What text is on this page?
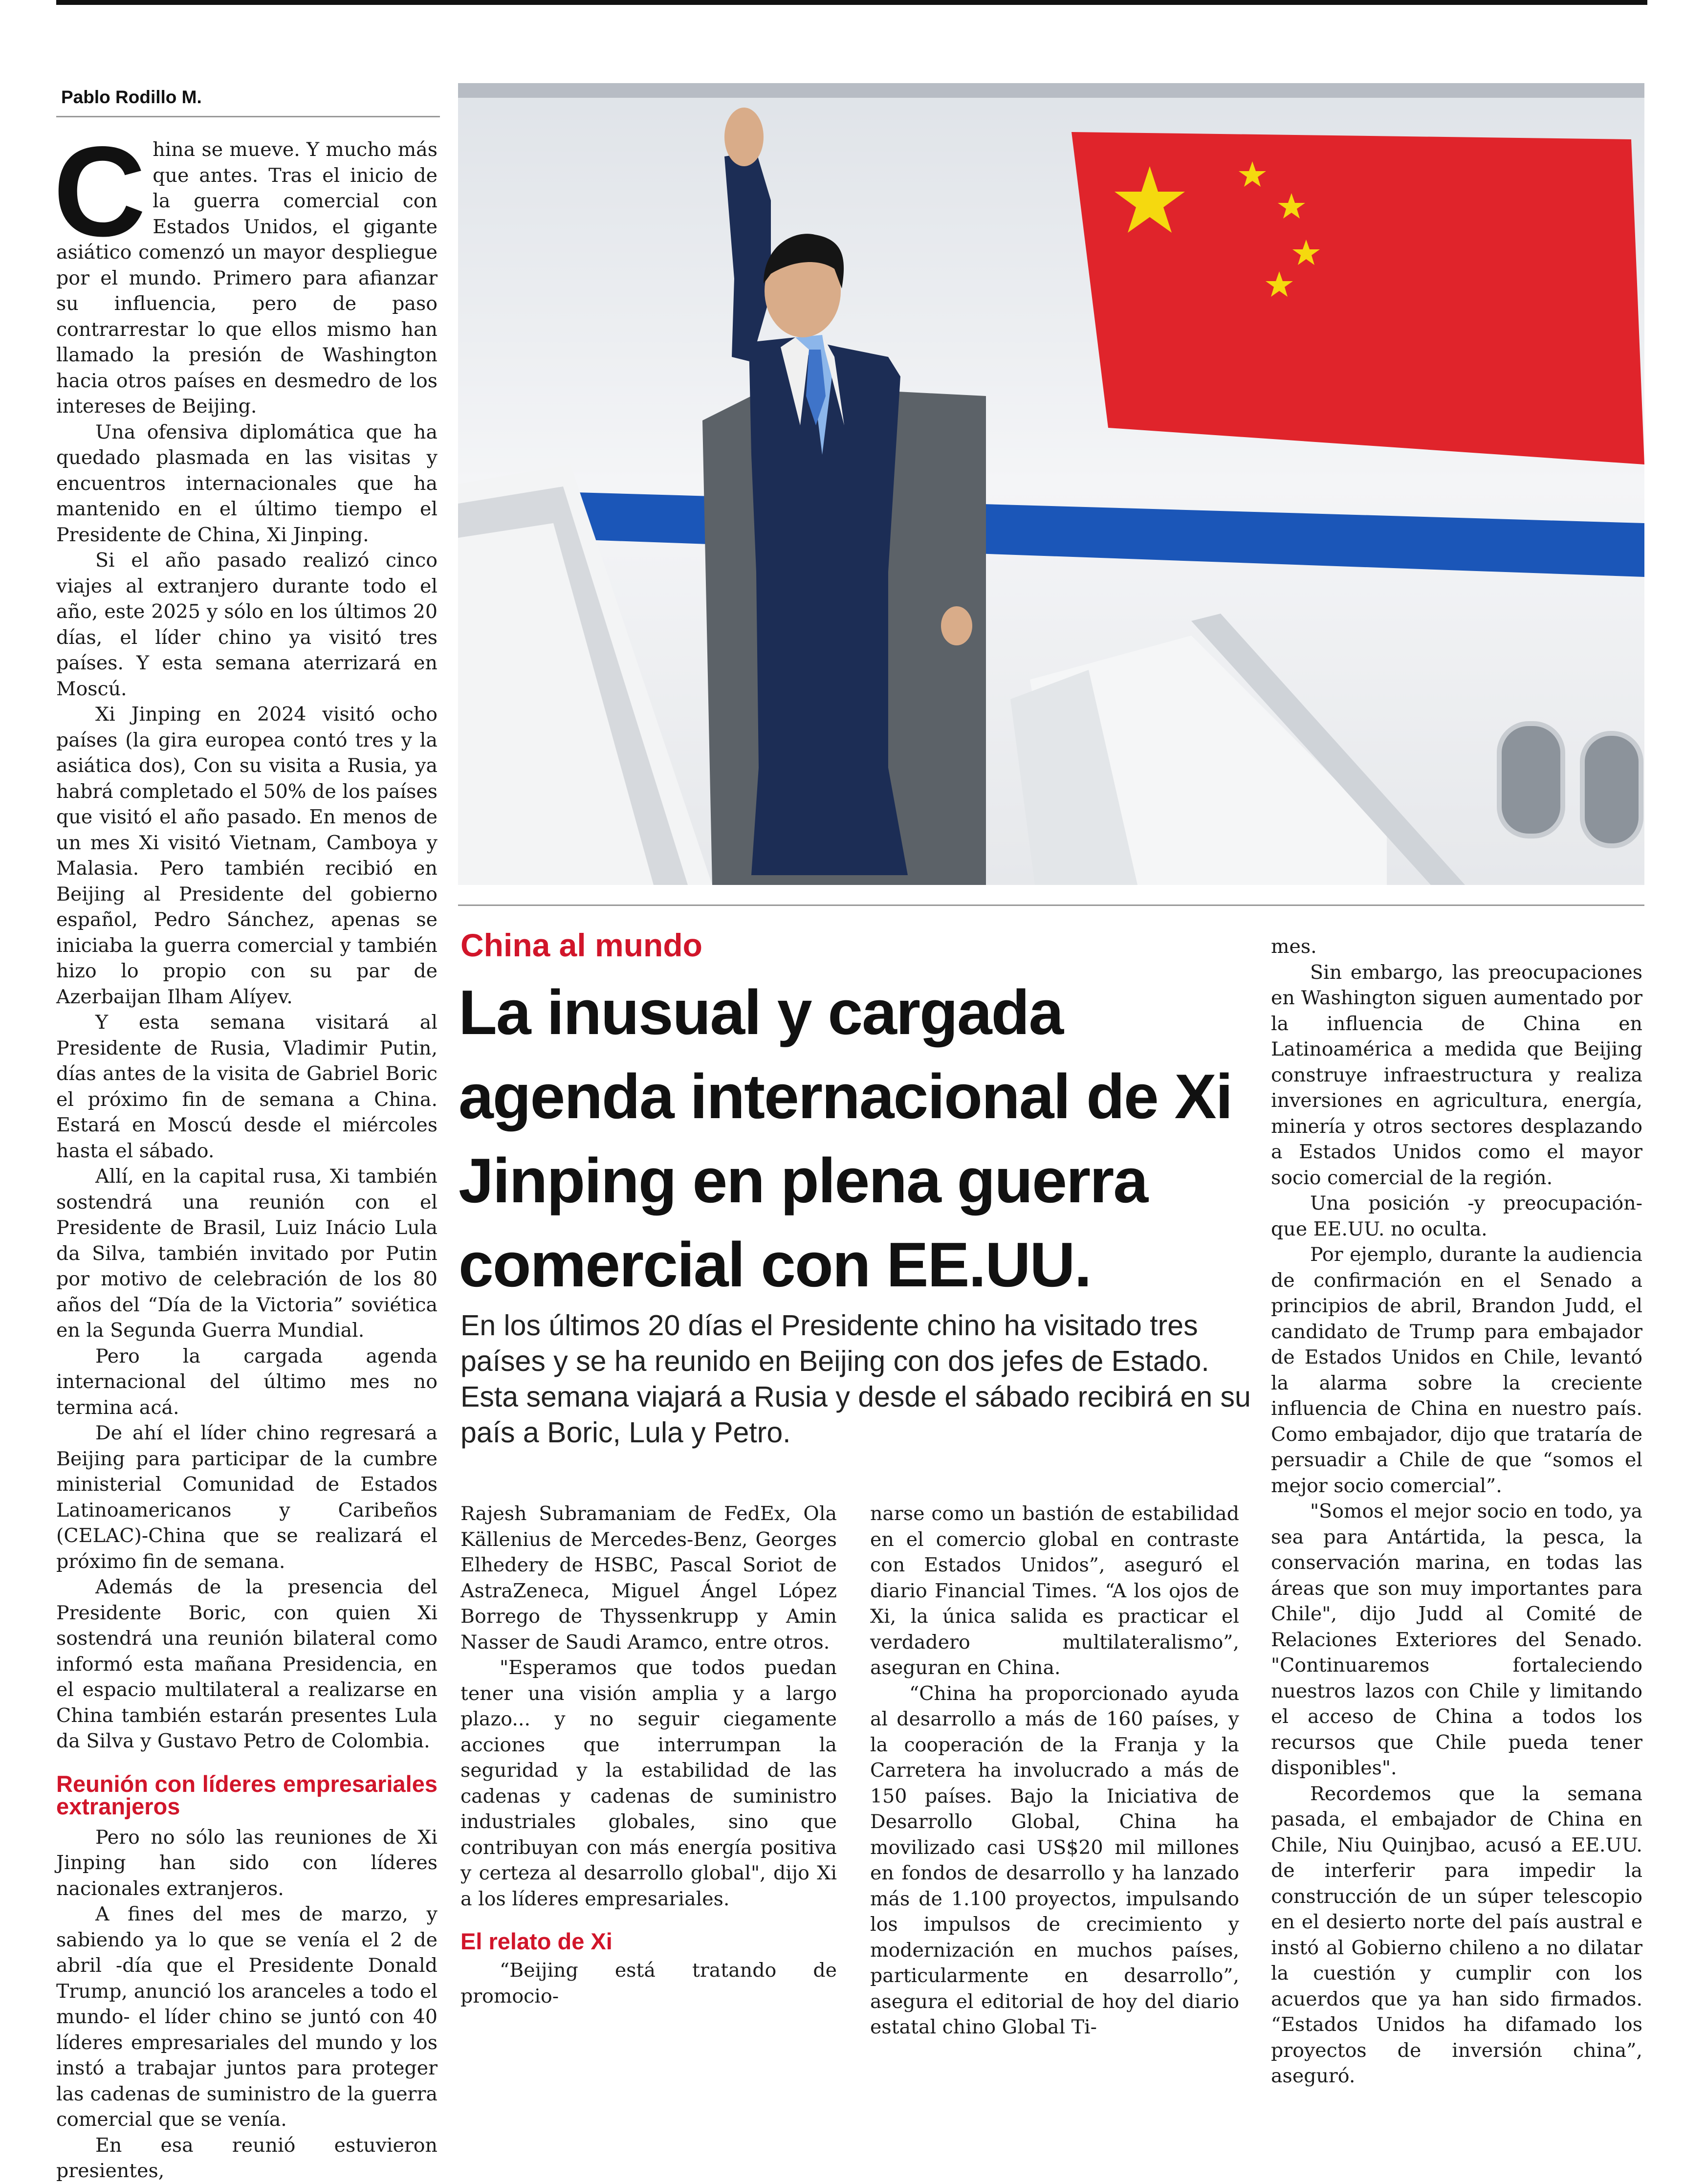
Pablo Rodillo M.

China se mueve. Y mucho más que antes. Tras el inicio de la guerra comercial con Estados Unidos, el gigante asiático comenzó un mayor despliegue por el mundo. Primero para afianzar su influencia, pero de paso contrarrestar lo que ellos mismo han llamado la presión de Washington hacia otros países en desmedro de los intereses de Beijing.

Una ofensiva diplomática que ha quedado plasmada en las visitas y encuentros internacionales que ha mantenido en el último tiempo el Presidente de China, Xi Jinping.

Si el año pasado realizó cinco viajes al extranjero durante todo el año, este 2025 y sólo en los últimos 20 días, el líder chino ya visitó tres países. Y esta semana aterrizará en Moscú.

Xi Jinping en 2024 visitó ocho países (la gira europea contó tres y la asiática dos), Con su visita a Rusia, ya habrá completado el 50% de los países que visitó el año pasado. En menos de un mes Xi visitó Vietnam, Camboya y Malasia. Pero también recibió en Beijing al Presidente del gobierno español, Pedro Sánchez, apenas se iniciaba la guerra comercial y también hizo lo propio con su par de Azerbaijan Ilham Alíyev.

Y esta semana visitará al Presidente de Rusia, Vladimir Putin, días antes de la visita de Gabriel Boric el próximo fin de semana a China. Estará en Moscú desde el miércoles hasta el sábado.

Allí, en la capital rusa, Xi también sostendrá una reunión con el Presidente de Brasil, Luiz Inácio Lula da Silva, también invitado por Putin por motivo de celebración de los 80 años del “Día de la Victoria” soviética en la Segunda Guerra Mundial.

Pero la cargada agenda internacional del último mes no termina acá.

De ahí el líder chino regresará a Beijing para participar de la cumbre ministerial Comunidad de Estados Latinoamericanos y Caribeños (CELAC)-China que se realizará el próximo fin de semana.

Además de la presencia del Presidente Boric, con quien Xi sostendrá una reunión bilateral como informó esta mañana Presidencia, en el espacio multilateral a realizarse en China también estarán presentes Lula da Silva y Gustavo Petro de Colombia.

Reunión con líderes empresariales extranjeros

Pero no sólo las reuniones de Xi Jinping han sido con líderes nacionales extranjeros.

A fines del mes de marzo, y sabiendo ya lo que se venía el 2 de abril -día que el Presidente Donald Trump, anunció los aranceles a todo el mundo- el líder chino se juntó con 40 líderes empresariales del mundo y los instó a trabajar juntos para proteger las cadenas de suministro de la guerra comercial que se venía.

En esa reunió estuvieron presientes,

China al mundo
La inusual y cargada agenda internacional de Xi Jinping en plena guerra comercial con EE.UU.

En los últimos 20 días el Presidente chino ha visitado tres países y se ha reunido en Beijing con dos jefes de Estado. Esta semana viajará a Rusia y desde el sábado recibirá en su país a Boric, Lula y Petro.

Rajesh Subramaniam de FedEx, Ola Källenius de Mercedes-Benz, Georges Elhedery de HSBC, Pascal Soriot de AstraZeneca, Miguel Ángel López Borrego de Thyssenkrupp y Amin Nasser de Saudi Aramco, entre otros.

"Esperamos que todos puedan tener una visión amplia y a largo plazo... y no seguir ciegamente acciones que interrumpan la seguridad y la estabilidad de las cadenas y cadenas de suministro industriales globales, sino que contribuyan con más energía positiva y certeza al desarrollo global", dijo Xi a los líderes empresariales.

El relato de Xi

“Beijing está tratando de promocio-

narse como un bastión de estabilidad en el comercio global en contraste con Estados Unidos”, aseguró el diario Financial Times. “A los ojos de Xi, la única salida es practicar el verdadero multilateralismo”, aseguran en China.

“China ha proporcionado ayuda al desarrollo a más de 160 países, y la cooperación de la Franja y la Carretera ha involucrado a más de 150 países. Bajo la Iniciativa de Desarrollo Global, China ha movilizado casi US$20 mil millones en fondos de desarrollo y ha lanzado más de 1.100 proyectos, impulsando los impulsos de crecimiento y modernización en muchos países, particularmente en desarrollo”, asegura el editorial de hoy del diario estatal chino Global Ti-

mes.

Sin embargo, las preocupaciones en Washington siguen aumentado por la influencia de China en Latinoamérica a medida que Beijing construye infraestructura y realiza inversiones en agricultura, energía, minería y otros sectores desplazando a Estados Unidos como el mayor socio comercial de la región.

Una posición -y preocupación- que EE.UU. no oculta.

Por ejemplo, durante la audiencia de confirmación en el Senado a principios de abril, Brandon Judd, el candidato de Trump para embajador de Estados Unidos en Chile, levantó la alarma sobre la creciente influencia de China en nuestro país. Como embajador, dijo que trataría de persuadir a Chile de que “somos el mejor socio comercial”.

"Somos el mejor socio en todo, ya sea para Antártida, la pesca, la conservación marina, en todas las áreas que son muy importantes para Chile", dijo Judd al Comité de Relaciones Exteriores del Senado. "Continuaremos fortaleciendo nuestros lazos con Chile y limitando el acceso de China a todos los recursos que Chile pueda tener disponibles".

Recordemos que la semana pasada, el embajador de China en Chile, Niu Quinjbao, acusó a EE.UU. de interferir para impedir la construcción de un súper telescopio en el desierto norte del país austral e instó al Gobierno chileno a no dilatar la cuestión y cumplir con los acuerdos que ya han sido firmados. “Estados Unidos ha difamado los proyectos de inversión china”, aseguró.
